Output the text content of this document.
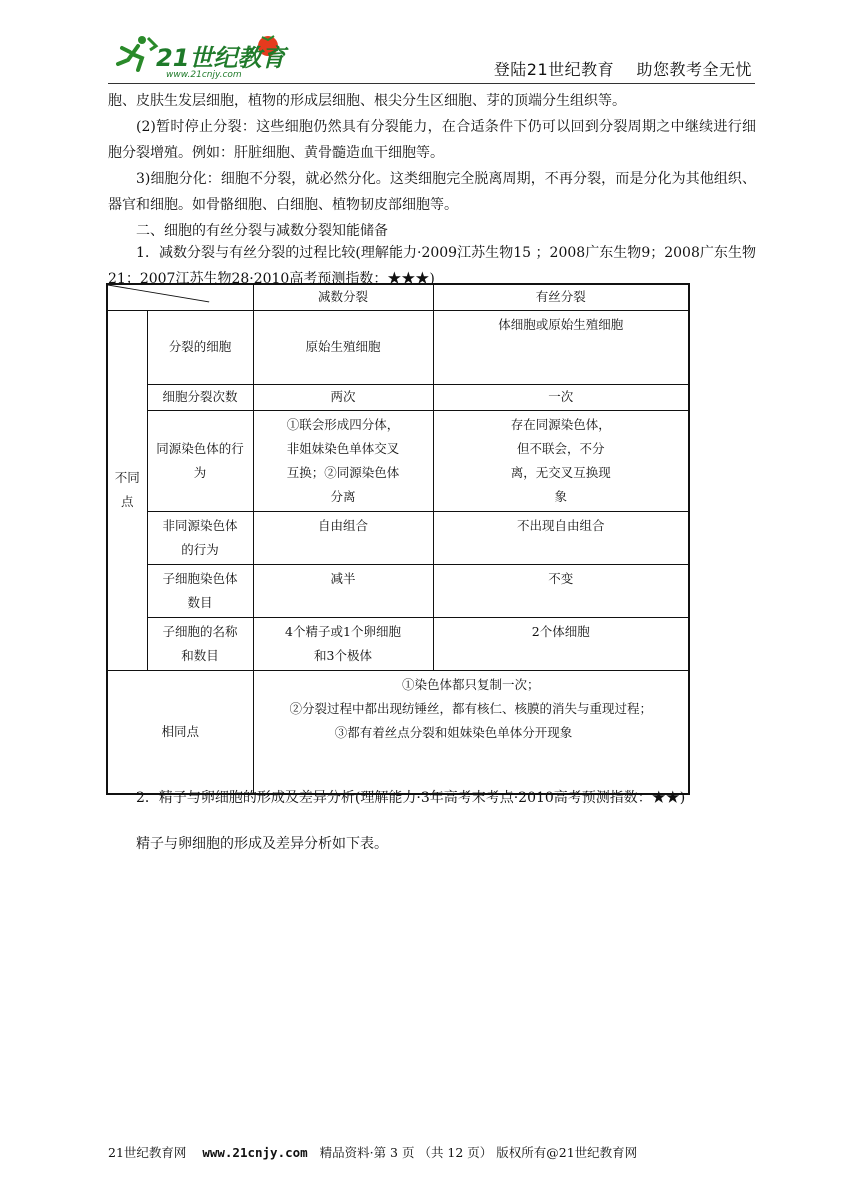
21世纪教育
www.21cnjy.com	登陆21世纪教育    助您教考全无忧
胞、皮肤生发层细胞，植物的形成层细胞、根尖分生区细胞、芽的顶端分生组织等。
(2)暂时停止分裂：这些细胞仍然具有分裂能力，在合适条件下仍可以回到分裂周期之中继续进行细胞分裂增殖。例如：肝脏细胞、黄骨髓造血干细胞等。
3)细胞分化：细胞不分裂，就必然分化。这类细胞完全脱离周期，不再分裂，而是分化为其他组织、器官和细胞。如骨骼细胞、白细胞、植物韧皮部细胞等。
二、细胞的有丝分裂与减数分裂知能储备
1．减数分裂与有丝分裂的过程比较(理解能力·2009江苏生物15 ；2008广东生物9；2008广东生物21；2007江苏生物28·2010高考预测指数：★★★)
	减数分裂	有丝分裂

不同点	分裂的细胞	原始生殖细胞	体细胞或原始生殖细胞
	细胞分裂次数	两次	一次

	同源染色体的行为	①联会形成四分体，非姐妹染色单体交叉互换；②同源染色体分离	存在同源染色体，但不联会，不分离，无交叉互换现象

	非同源染色体的行为	自由组合	不出现自由组合

	子细胞染色体数目	减半	不变

	子细胞的名称和数目	4个精子或1个卵细胞和3个极体	2个体细胞
相同点		①染色体都只复制一次；
②分裂过程中都出现纺锤丝，都有核仁、核膜的消失与重现过程；
③都有着丝点分裂和姐妹染色单体分开现象	
2．精子与卵细胞的形成及差异分析(理解能力·3年高考末考点·2010高考预测指数：★★)
精子与卵细胞的形成及差异分析如下表。
21世纪教育网 www.21cnjy.com 精品资料·第 3 页 （共 12 页） 版权所有@21世纪教育网
